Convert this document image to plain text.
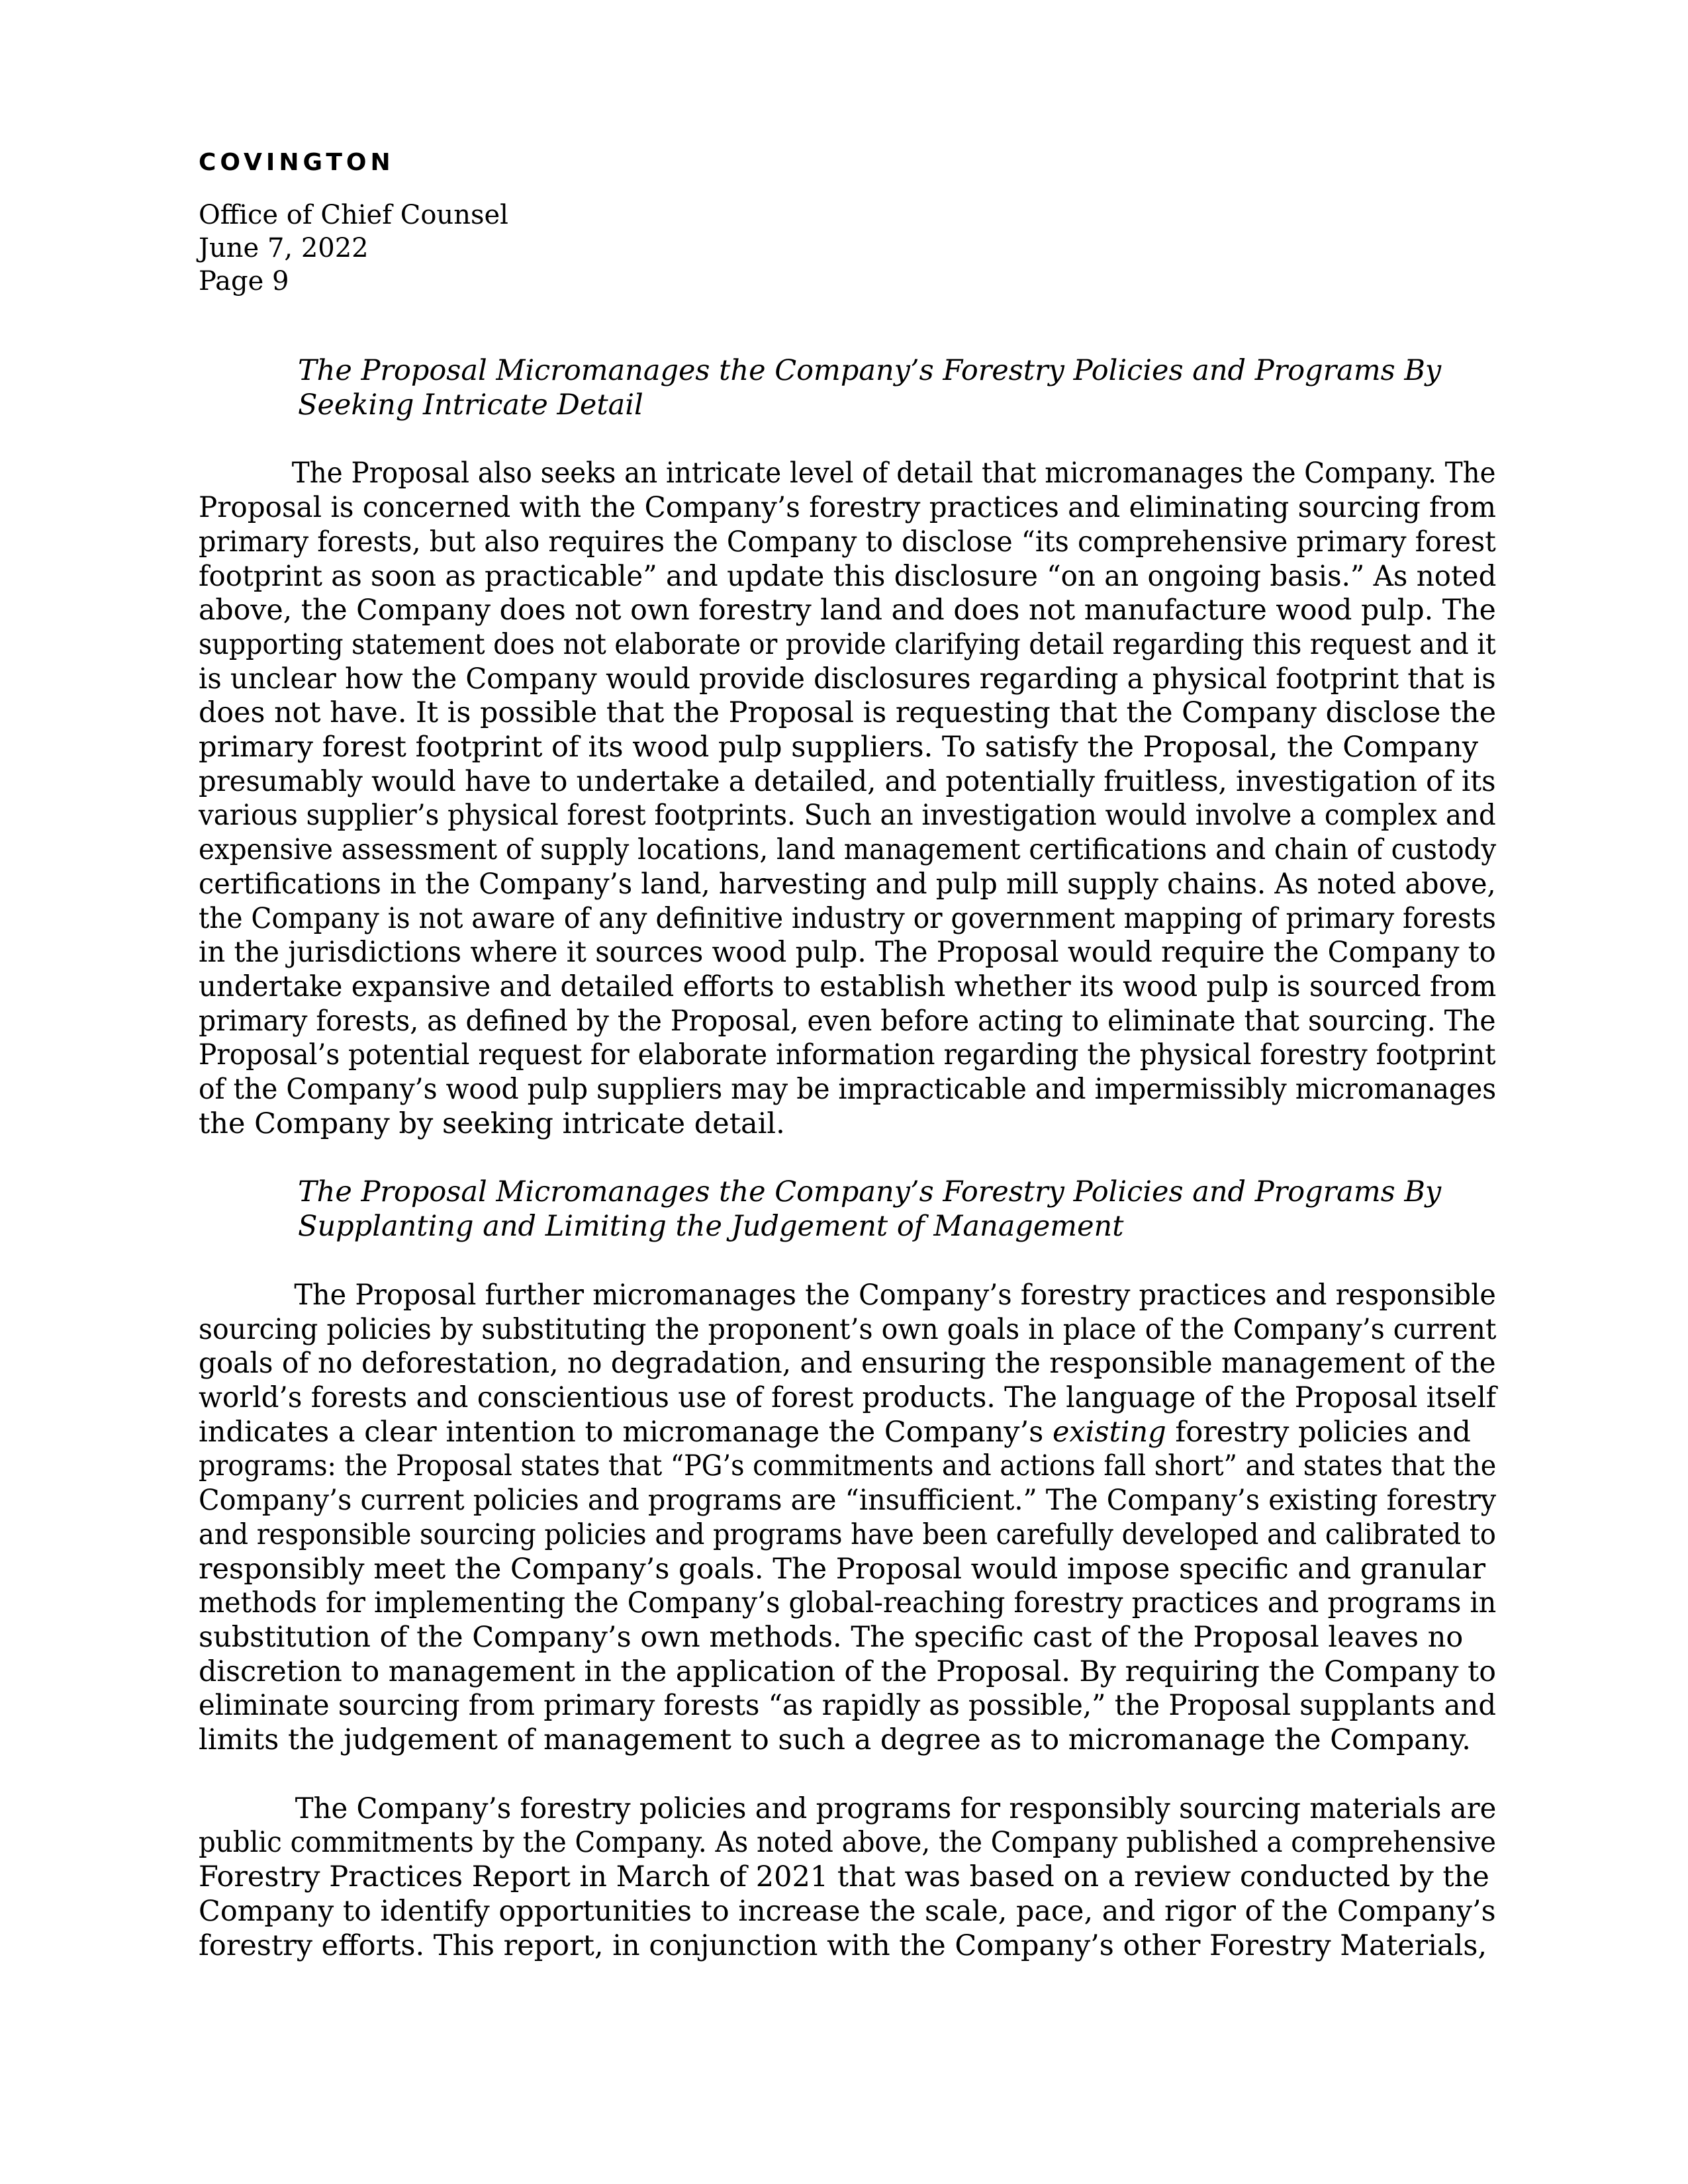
COVINGTON
Office of Chief Counsel
June 7, 2022
Page 9
The Proposal Micromanages the Company’s Forestry Policies and Programs By
Seeking Intricate Detail
The Proposal also seeks an intricate level of detail that micromanages the Company. The
Proposal is concerned with the Company’s forestry practices and eliminating sourcing from
primary forests, but also requires the Company to disclose “its comprehensive primary forest
footprint as soon as practicable” and update this disclosure “on an ongoing basis.” As noted
above, the Company does not own forestry land and does not manufacture wood pulp. The
supporting statement does not elaborate or provide clarifying detail regarding this request and it
is unclear how the Company would provide disclosures regarding a physical footprint that is
does not have. It is possible that the Proposal is requesting that the Company disclose the
primary forest footprint of its wood pulp suppliers. To satisfy the Proposal, the Company
presumably would have to undertake a detailed, and potentially fruitless, investigation of its
various supplier’s physical forest footprints. Such an investigation would involve a complex and
expensive assessment of supply locations, land management certifications and chain of custody
certifications in the Company’s land, harvesting and pulp mill supply chains. As noted above,
the Company is not aware of any definitive industry or government mapping of primary forests
in the jurisdictions where it sources wood pulp. The Proposal would require the Company to
undertake expansive and detailed efforts to establish whether its wood pulp is sourced from
primary forests, as defined by the Proposal, even before acting to eliminate that sourcing. The
Proposal’s potential request for elaborate information regarding the physical forestry footprint
of the Company’s wood pulp suppliers may be impracticable and impermissibly micromanages
the Company by seeking intricate detail.
The Proposal Micromanages the Company’s Forestry Policies and Programs By
Supplanting and Limiting the Judgement of Management
The Proposal further micromanages the Company’s forestry practices and responsible
sourcing policies by substituting the proponent’s own goals in place of the Company’s current
goals of no deforestation, no degradation, and ensuring the responsible management of the
world’s forests and conscientious use of forest products. The language of the Proposal itself
indicates a clear intention to micromanage the Company’s existing forestry policies and
programs: the Proposal states that “PG’s commitments and actions fall short” and states that the
Company’s current policies and programs are “insufficient.” The Company’s existing forestry
and responsible sourcing policies and programs have been carefully developed and calibrated to
responsibly meet the Company’s goals. The Proposal would impose specific and granular
methods for implementing the Company’s global-reaching forestry practices and programs in
substitution of the Company’s own methods. The specific cast of the Proposal leaves no
discretion to management in the application of the Proposal. By requiring the Company to
eliminate sourcing from primary forests “as rapidly as possible,” the Proposal supplants and
limits the judgement of management to such a degree as to micromanage the Company.
The Company’s forestry policies and programs for responsibly sourcing materials are
public commitments by the Company. As noted above, the Company published a comprehensive
Forestry Practices Report in March of 2021 that was based on a review conducted by the
Company to identify opportunities to increase the scale, pace, and rigor of the Company’s
forestry efforts. This report, in conjunction with the Company’s other Forestry Materials,
